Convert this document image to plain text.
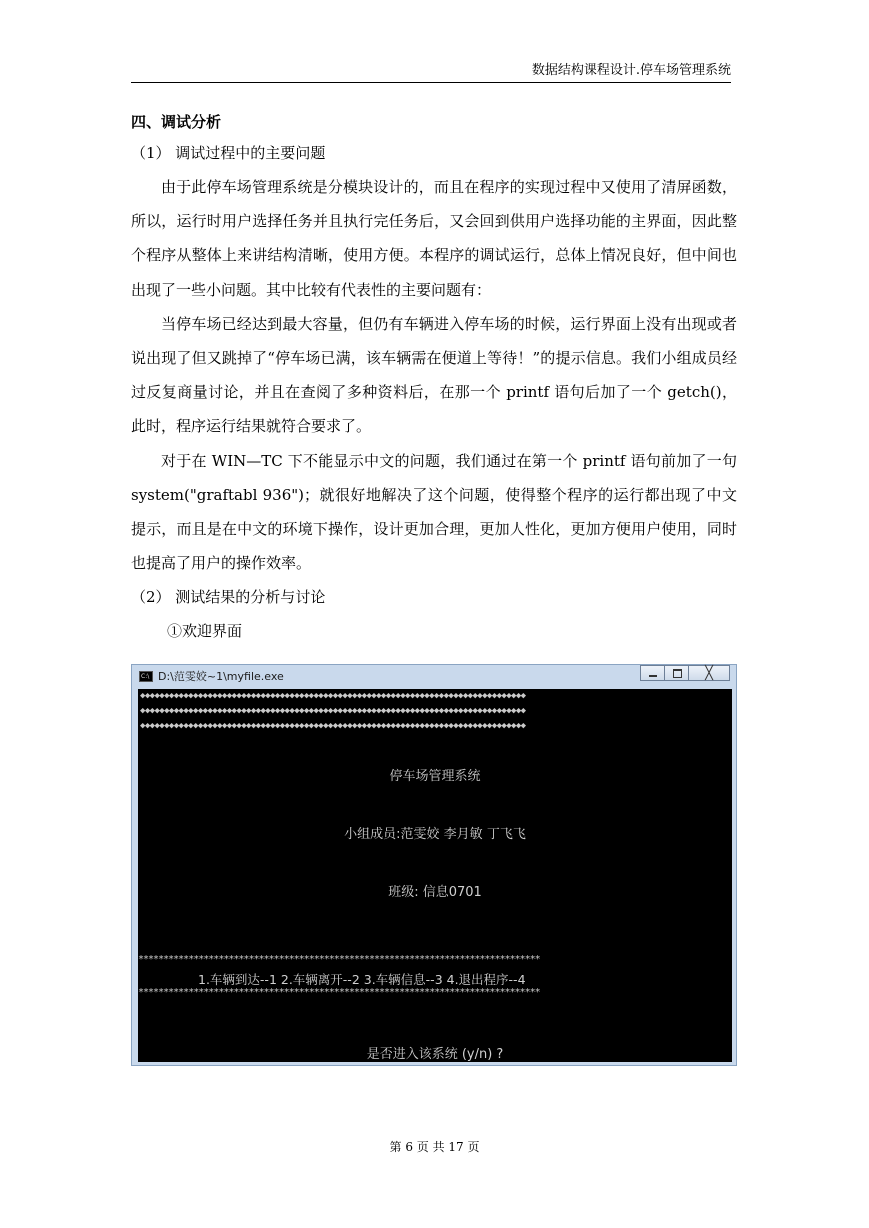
数据结构课程设计.停车场管理系统

四、调试分析

（1） 调试过程中的主要问题

由于此停车场管理系统是分模块设计的，而且在程序的实现过程中又使用了清屏函数，所以，运行时用户选择任务并且执行完任务后，又会回到供用户选择功能的主界面，因此整个程序从整体上来讲结构清晰，使用方便。本程序的调试运行，总体上情况良好，但中间也出现了一些小问题。其中比较有代表性的主要问题有：

当停车场已经达到最大容量，但仍有车辆进入停车场的时候，运行界面上没有出现或者说出现了但又跳掉了“停车场已满，该车辆需在便道上等待！”的提示信息。我们小组成员经过反复商量讨论，并且在查阅了多种资料后，在那一个 printf 语句后加了一个 getch()，此时，程序运行结果就符合要求了。

对于在 WIN—TC 下不能显示中文的问题，我们通过在第一个 printf 语句前加了一句 system("graftabl 936")；就很好地解决了这个问题，使得整个程序的运行都出现了中文提示，而且是在中文的环境下操作，设计更加合理，更加人性化，更加方便用户使用，同时也提高了用户的操作效率。

（2） 测试结果的分析与讨论

①欢迎界面

C:\
D:\范雯姣~1\myfile.exe	╳
◆◆◆◆◆◆◆◆◆◆◆◆◆◆◆◆◆◆◆◆◆◆◆◆◆◆◆◆◆◆◆◆◆◆◆◆◆◆◆◆◆◆◆◆◆◆◆◆◆◆◆◆◆◆◆◆◆◆◆◆◆◆◆◆◆◆◆◆◆◆◆◆◆◆◆◆◆◆◆◆
◆◆◆◆◆◆◆◆◆◆◆◆◆◆◆◆◆◆◆◆◆◆◆◆◆◆◆◆◆◆◆◆◆◆◆◆◆◆◆◆◆◆◆◆◆◆◆◆◆◆◆◆◆◆◆◆◆◆◆◆◆◆◆◆◆◆◆◆◆◆◆◆◆◆◆◆◆◆◆◆
◆◆◆◆◆◆◆◆◆◆◆◆◆◆◆◆◆◆◆◆◆◆◆◆◆◆◆◆◆◆◆◆◆◆◆◆◆◆◆◆◆◆◆◆◆◆◆◆◆◆◆◆◆◆◆◆◆◆◆◆◆◆◆◆◆◆◆◆◆◆◆◆◆◆◆◆◆◆◆◆
停车场管理系统
小组成员:范雯姣 李月敏 丁飞飞
班级: 信息0701
********************************************************************************
1.车辆到达--1 2.车辆离开--2 3.车辆信息--3 4.退出程序--4
********************************************************************************
是否进入该系统 (y/n) ?
第 6 页 共 17 页
